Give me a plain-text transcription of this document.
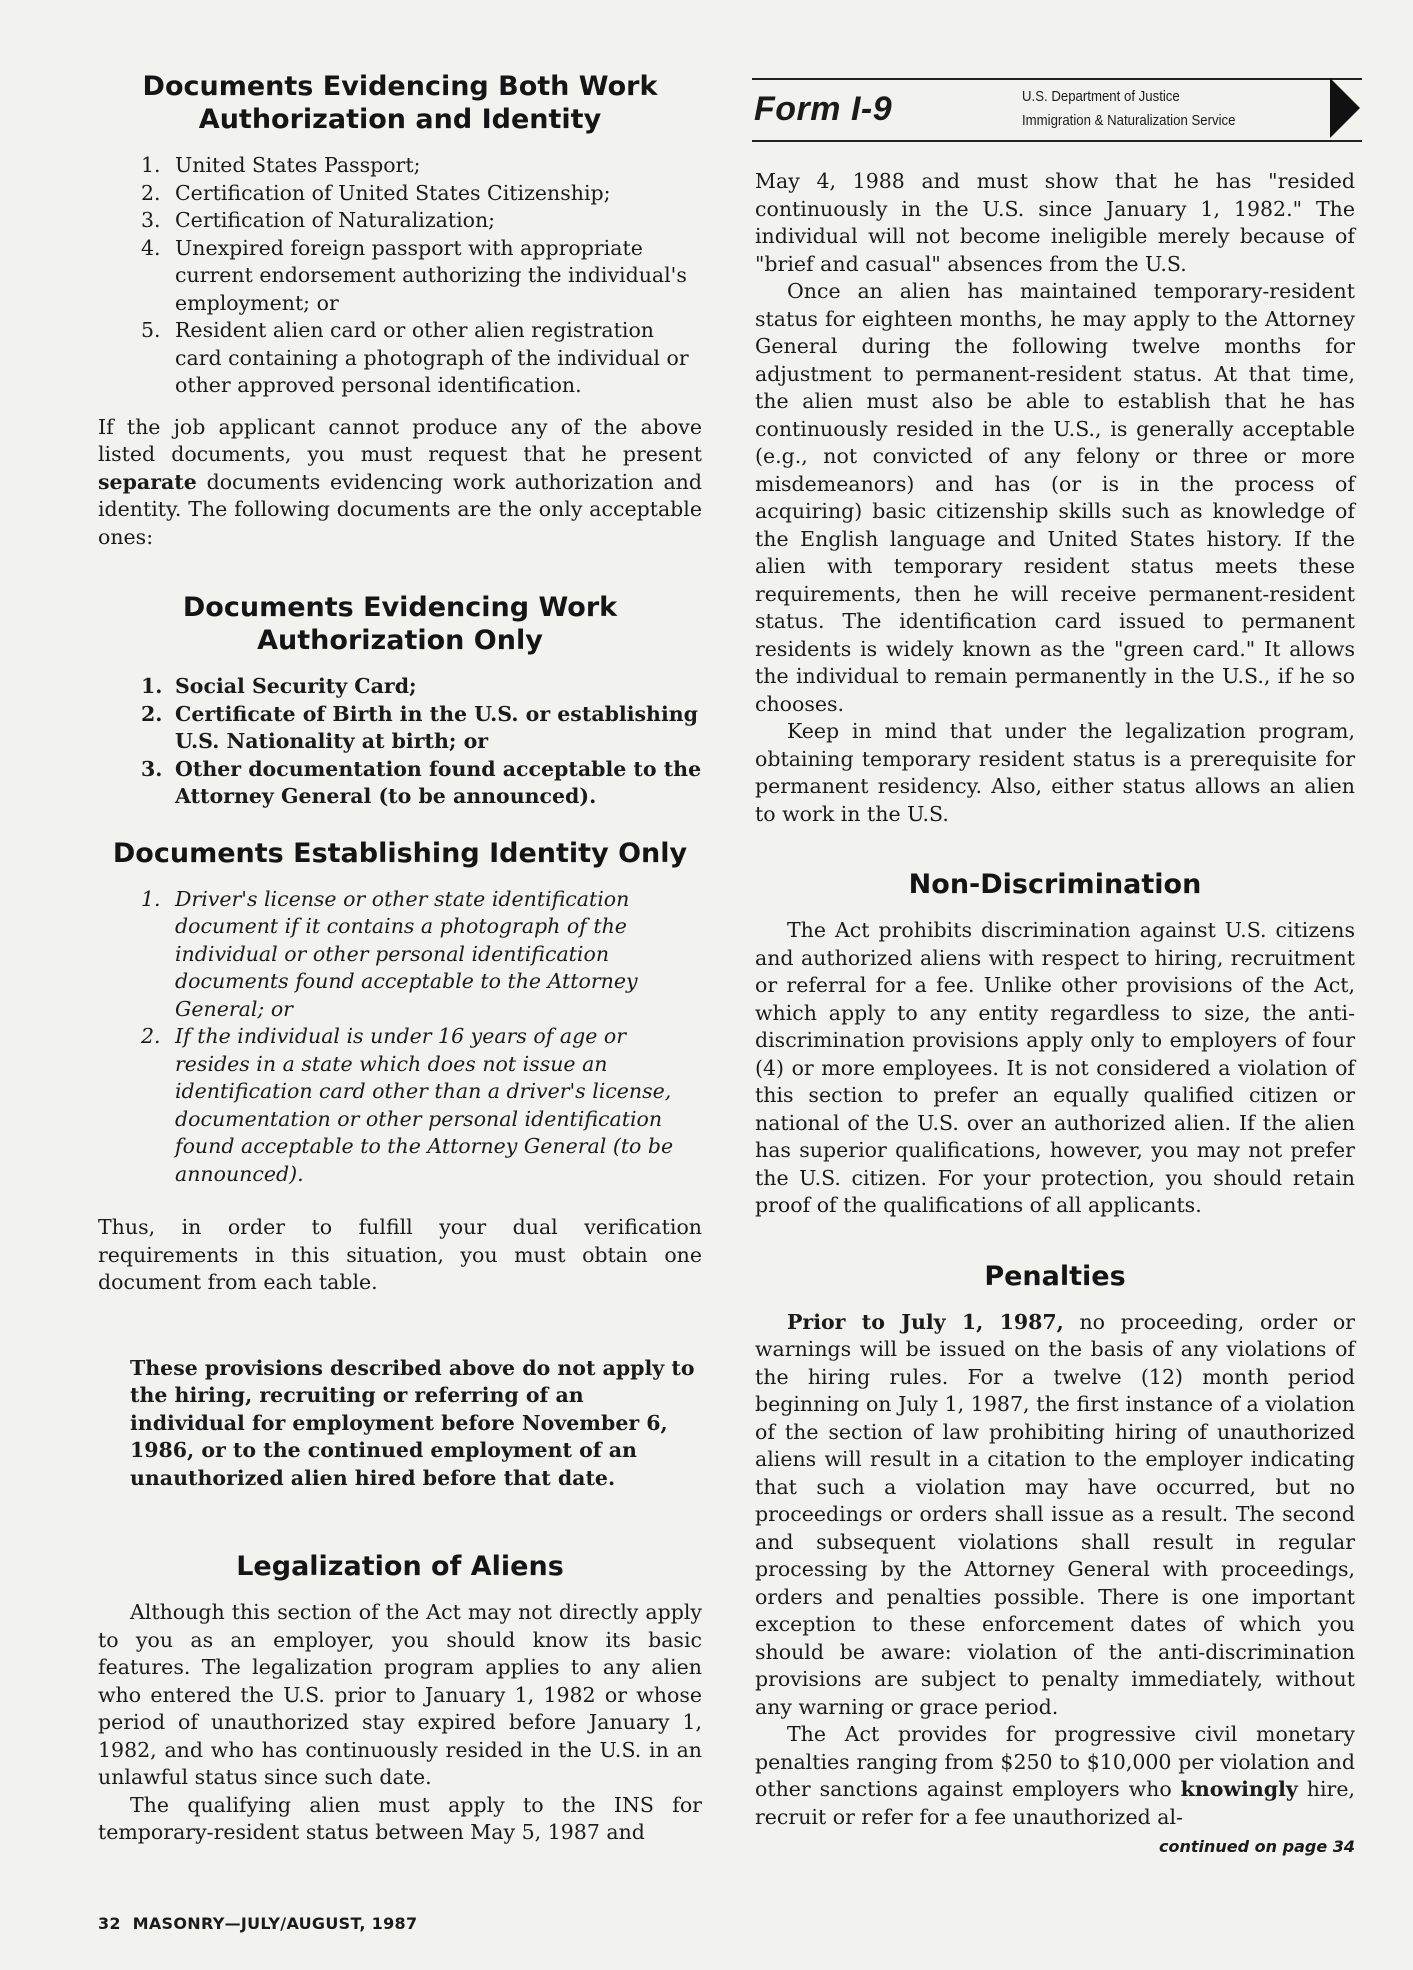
Documents Evidencing Both Work
Authorization and Identity
1. United States Passport;
2. Certification of United States Citizenship;
3. Certification of Naturalization;
4. Unexpired foreign passport with appropriate current endorsement authorizing the individual's employment; or
5. Resident alien card or other alien registration card containing a photograph of the individual or other approved personal identification.

If the job applicant cannot produce any of the above listed documents, you must request that he present separate documents evidencing work authorization and identity. The following documents are the only acceptable ones:

Documents Evidencing Work
Authorization Only
1. Social Security Card;
2. Certificate of Birth in the U.S. or establishing U.S. Nationality at birth; or
3. Other documentation found acceptable to the Attorney General (to be announced).
Documents Establishing Identity Only
1. Driver's license or other state identification document if it contains a photograph of the individual or other personal identification documents found acceptable to the Attorney General; or
2. If the individual is under 16 years of age or resides in a state which does not issue an identification card other than a driver's license, documentation or other personal identification found acceptable to the Attorney General (to be announced).

Thus, in order to fulfill your dual verification requirements in this situation, you must obtain one document from each table.

These provisions described above do not apply to the hiring, recruiting or referring of an individual for employment before November 6, 1986, or to the continued employment of an unauthorized alien hired before that date.

Legalization of Aliens

Although this section of the Act may not directly apply to you as an employer, you should know its basic features. The legalization program applies to any alien who entered the U.S. prior to January 1, 1982 or whose period of unauthorized stay expired before January 1, 1982, and who has continuously resided in the U.S. in an unlawful status since such date.

The qualifying alien must apply to the INS for temporary-resident status between May 5, 1987 and

Form I-9	U.S. Department of Justice
Immigration & Naturalization Service

May 4, 1988 and must show that he has "resided continuously in the U.S. since January 1, 1982." The individual will not become ineligible merely because of "brief and casual" absences from the U.S.

Once an alien has maintained temporary-resident status for eighteen months, he may apply to the Attorney General during the following twelve months for adjustment to permanent-resident status. At that time, the alien must also be able to establish that he has continuously resided in the U.S., is generally acceptable (e.g., not convicted of any felony or three or more misdemeanors) and has (or is in the process of acquiring) basic citizenship skills such as knowledge of the English language and United States history. If the alien with temporary resident status meets these requirements, then he will receive permanent-resident status. The identification card issued to permanent residents is widely known as the "green card." It allows the individual to remain permanently in the U.S., if he so chooses.

Keep in mind that under the legalization program, obtaining temporary resident status is a prerequisite for permanent residency. Also, either status allows an alien to work in the U.S.

Non-Discrimination

The Act prohibits discrimination against U.S. citizens and authorized aliens with respect to hiring, recruitment or referral for a fee. Unlike other provisions of the Act, which apply to any entity regardless to size, the anti-discrimination provisions apply only to employers of four (4) or more employees. It is not considered a violation of this section to prefer an equally qualified citizen or national of the U.S. over an authorized alien. If the alien has superior qualifications, however, you may not prefer the U.S. citizen. For your protection, you should retain proof of the qualifications of all applicants.

Penalties

Prior to July 1, 1987, no proceeding, order or warnings will be issued on the basis of any violations of the hiring rules. For a twelve (12) month period beginning on July 1, 1987, the first instance of a violation of the section of law prohibiting hiring of unauthorized aliens will result in a citation to the employer indicating that such a violation may have occurred, but no proceedings or orders shall issue as a result. The second and subsequent violations shall result in regular processing by the Attorney General with proceedings, orders and penalties possible. There is one important exception to these enforcement dates of which you should be aware: violation of the anti-discrimination provisions are subject to penalty immediately, without any warning or grace period.

The Act provides for progressive civil monetary penalties ranging from $250 to $10,000 per violation and other sanctions against employers who knowingly hire, recruit or refer for a fee unauthorized al-

continued on page 34
32 MASONRY—JULY/AUGUST, 1987
